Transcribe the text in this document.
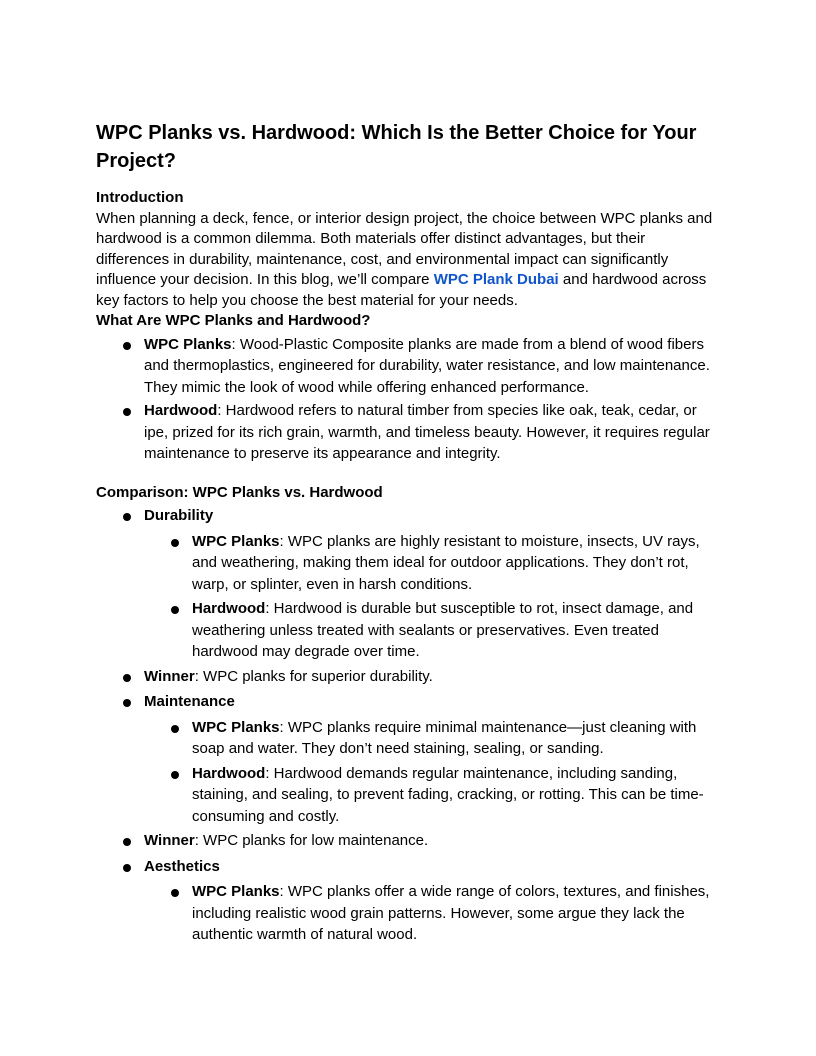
WPC Planks vs. Hardwood: Which Is the Better Choice for Your Project?

Introduction

When planning a deck, fence, or interior design project, the choice between WPC planks and hardwood is a common dilemma. Both materials offer distinct advantages, but their differences in durability, maintenance, cost, and environmental impact can significantly influence your decision. In this blog, we’ll compare WPC Plank Dubai and hardwood across key factors to help you choose the best material for your needs.

What Are WPC Planks and Hardwood?

WPC Planks: Wood-Plastic Composite planks are made from a blend of wood fibers and thermoplastics, engineered for durability, water resistance, and low maintenance. They mimic the look of wood while offering enhanced performance.
Hardwood: Hardwood refers to natural timber from species like oak, teak, cedar, or ipe, prized for its rich grain, warmth, and timeless beauty. However, it requires regular maintenance to preserve its appearance and integrity.

Comparison: WPC Planks vs. Hardwood

Durability
WPC Planks: WPC planks are highly resistant to moisture, insects, UV rays, and weathering, making them ideal for outdoor applications. They don’t rot, warp, or splinter, even in harsh conditions.
Hardwood: Hardwood is durable but susceptible to rot, insect damage, and weathering unless treated with sealants or preservatives. Even treated hardwood may degrade over time.
Winner: WPC planks for superior durability.
Maintenance
WPC Planks: WPC planks require minimal maintenance—just cleaning with soap and water. They don’t need staining, sealing, or sanding.
Hardwood: Hardwood demands regular maintenance, including sanding, staining, and sealing, to prevent fading, cracking, or rotting. This can be time-consuming and costly.
Winner: WPC planks for low maintenance.
Aesthetics
WPC Planks: WPC planks offer a wide range of colors, textures, and finishes, including realistic wood grain patterns. However, some argue they lack the authentic warmth of natural wood.
